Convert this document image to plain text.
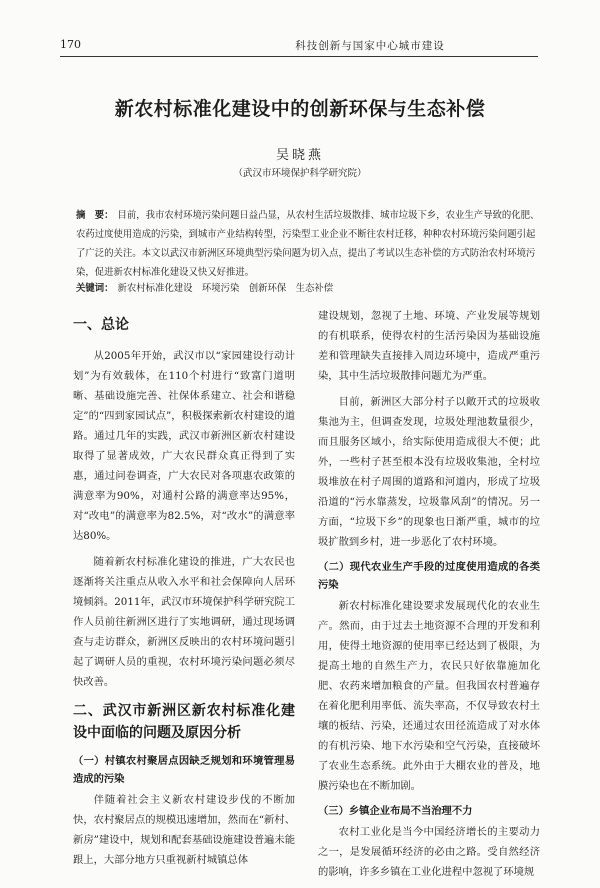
170	科技创新与国家中心城市建设
新农村标准化建设中的创新环保与生态补偿
吴晓燕
（武汉市环境保护科学研究院）

摘　要： 目前，我市农村环境污染问题日益凸显，从农村生活垃圾散排、城市垃圾下乡，农业生产导致的化肥、农药过度使用造成的污染，到城市产业结构转型，污染型工业企业不断往农村迁移，种种农村环境污染问题引起了广泛的关注。本文以武汉市新洲区环境典型污染问题为切入点，提出了考试以生态补偿的方式防治农村环境污染，促进新农村标准化建设又快又好推进。

关键词： 新农村标准化建设　环境污染　创新环保　生态补偿

一、总论

从2005年开始，武汉市以“家园建设行动计划”为有效载体，在110个村进行“致富门道明晰、基础设施完善、社保体系建立、社会和谐稳定”的“四到家园试点”，积极探索新农村建设的道路。通过几年的实践，武汉市新洲区新农村建设取得了显著成效，广大农民群众真正得到了实惠，通过问卷调查，广大农民对各项惠农政策的满意率为90%，对通村公路的满意率达95%，对“改电”的满意率为82.5%，对“改水”的满意率达80%。

随着新农村标准化建设的推进，广大农民也逐渐将关注重点从收入水平和社会保障向人居环境倾斜。2011年，武汉市环境保护科学研究院工作人员前往新洲区进行了实地调研，通过现场调查与走访群众，新洲区反映出的农村环境问题引起了调研人员的重视，农村环境污染问题必须尽快改善。

二、武汉市新洲区新农村标准化建设中面临的问题及原因分析
（一）村镇农村聚居点因缺乏规划和环境管理易造成的污染

伴随着社会主义新农村建设步伐的不断加快，农村聚居点的规模迅速增加，然而在“新村、新房”建设中，规划和配套基础设施建设普遍未能跟上，大部分地方只重视新村城镇总体

建设规划，忽视了土地、环境、产业发展等规划的有机联系，使得农村的生活污染因为基础设施差和管理缺失直接排入周边环境中，造成严重污染，其中生活垃圾散排问题尤为严重。

目前，新洲区大部分村子以敞开式的垃圾收集池为主，但调查发现，垃圾处理池数量很少，而且服务区域小，给实际使用造成很大不便；此外，一些村子甚至根本没有垃圾收集池，全村垃圾堆放在村子周围的道路和河道内，形成了垃圾沿道的“污水靠蒸发，垃圾靠风刮”的情况。另一方面，“垃圾下乡”的现象也日渐严重，城市的垃圾扩散到乡村，进一步恶化了农村环境。

（二）现代农业生产手段的过度使用造成的各类污染

新农村标准化建设要求发展现代化的农业生产。然而，由于过去土地资源不合理的开发和利用，使得土地资源的使用率已经达到了极限，为提高土地的自然生产力，农民只好依靠施加化肥、农药来增加粮食的产量。但我国农村普遍存在着化肥利用率低、流失率高，不仅导致农村土壤的板结、污染，还通过农田径流造成了对水体的有机污染、地下水污染和空气污染，直接破坏了农业生态系统。此外由于大棚农业的普及，地膜污染也在不断加剧。

（三）乡镇企业布局不当治理不力

农村工业化是当今中国经济增长的主要动力之一，是发展循环经济的必由之路。受自然经济的影响，许多乡镇在工业化进程中忽视了环境规
